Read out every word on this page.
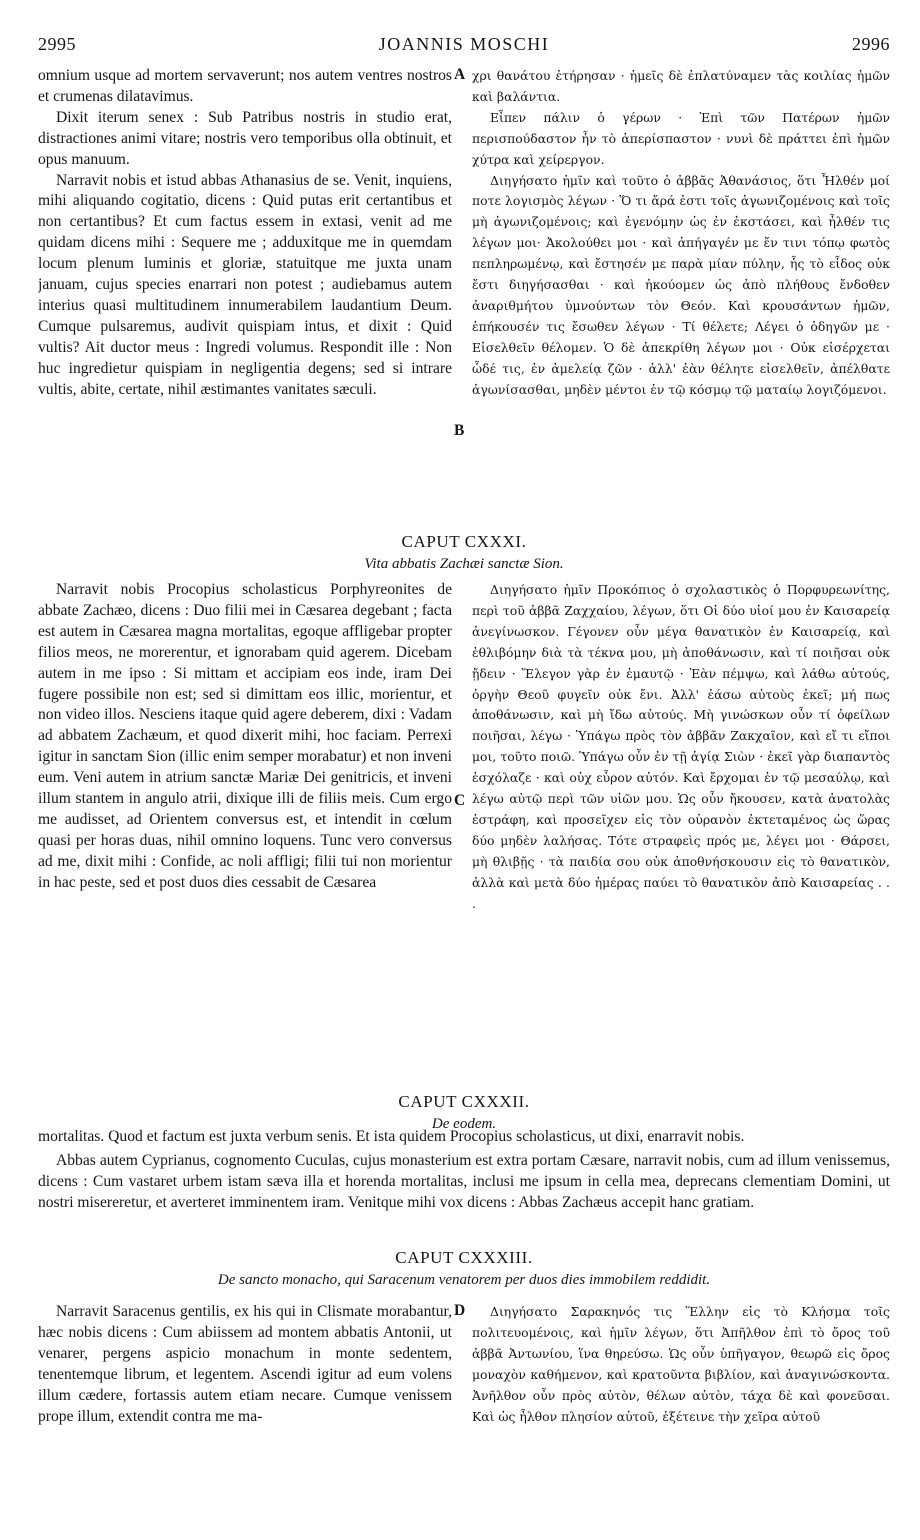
2995	JOANNIS MOSCHI	2996

omnium usque ad mortem servaverunt; nos autem ventres nostros et crumenas dilatavimus.

Dixit iterum senex : Sub Patribus nostris in studio erat, distractiones animi vitare; nostris vero temporibus olla obtinuit, et opus manuum.

Narravit nobis et istud abbas Athanasius de se. Venit, inquiens, mihi aliquando cogitatio, dicens : Quid putas erit certantibus et non certantibus? Et cum factus essem in extasi, venit ad me quidam dicens mihi : Sequere me ; adduxitque me in quemdam locum plenum luminis et gloriæ, statuitque me juxta unam januam, cujus species enarrari non potest ; audiebamus autem interius quasi multitudinem innumerabilem laudantium Deum. Cumque pulsaremus, audivit quispiam intus, et dixit : Quid vultis? Ait ductor meus : Ingredi volumus. Respondit ille : Non huc ingredietur quispiam in negligentia degens; sed si intrare vultis, abite, certate, nihil æstimantes vanitates sæculi.

χρι θανάτου ἐτήρησαν · ἡμεῖς δὲ ἐπλατύναμεν τὰς κοιλίας ἡμῶν καὶ βαλάντια.

Εἶπεν πάλιν ὁ γέρων · Ἐπὶ τῶν Πατέρων ἡμῶν περισπούδαστον ἦν τὸ ἀπερίσπαστον · νυνὶ δὲ πράττει ἐπὶ ἡμῶν χύτρα καὶ χείρεργον.

Διηγήσατο ἡμῖν καὶ τοῦτο ὁ ἀββᾶς Ἀθανάσιος, ὅτι Ἦλθέν μοί ποτε λογισμὸς λέγων · Ὅ τι ἄρά ἐστι τοῖς ἀγωνιζομένοις καὶ τοῖς μὴ ἀγωνιζομένοις; καὶ ἐγενόμην ὡς ἐν ἐκστάσει, καὶ ἦλθέν τις λέγων μοι· Ἀκολούθει μοι · καὶ ἀπήγαγέν με ἔν τινι τόπῳ φωτὸς πεπληρωμένῳ, καὶ ἔστησέν με παρὰ μίαν πύλην, ἧς τὸ εἶδος οὐκ ἔστι διηγήσασθαι · καὶ ἠκούομεν ὡς ἀπὸ πλήθους ἔνδοθεν ἀναριθμήτου ὑμνούντων τὸν Θεόν. Καὶ κρουσάντων ἡμῶν, ἐπήκουσέν τις ἔσωθεν λέγων · Τί θέλετε; Λέγει ὁ ὁδηγῶν με · Εἰσελθεῖν θέλομεν. Ὁ δὲ ἀπεκρίθη λέγων μοι · Οὐκ εἰσέρχεται ὧδέ τις, ἐν ἀμελείᾳ ζῶν · ἀλλ' ἐὰν θέλητε εἰσελθεῖν, ἀπέλθατε ἀγωνίσασθαι, μηδὲν μέντοι ἐν τῷ κόσμῳ τῷ ματαίῳ λογιζόμενοι.

A
B
CAPUT CXXXI.
Vita abbatis Zachæi sanctæ Sion.

Narravit nobis Procopius scholasticus Porphyreonites de abbate Zachæo, dicens : Duo filii mei in Cæsarea degebant ; facta est autem in Cæsarea magna mortalitas, egoque affligebar propter filios meos, ne morerentur, et ignorabam quid agerem. Dicebam autem in me ipso : Si mittam et accipiam eos inde, iram Dei fugere possibile non est; sed si dimittam eos illic, morientur, et non video illos. Nesciens itaque quid agere deberem, dixi : Vadam ad abbatem Zachæum, et quod dixerit mihi, hoc faciam. Perrexi igitur in sanctam Sion (illic enim semper morabatur) et non inveni eum. Veni autem in atrium sanctæ Mariæ Dei genitricis, et inveni illum stantem in angulo atrii, dixique illi de filiis meis. Cum ergo me audisset, ad Orientem conversus est, et intendit in cœlum quasi per horas duas, nihil omnino loquens. Tunc vero conversus ad me, dixit mihi : Confide, ac noli affligi; filii tui non morientur in hac peste, sed et post duos dies cessabit de Cæsarea

Διηγήσατο ἡμῖν Προκόπιος ὁ σχολαστικὸς ὁ Πορφυρεωνίτης, περὶ τοῦ ἀββᾶ Ζαχχαίου, λέγων, ὅτι Οἱ δύο υἱοί μου ἐν Καισαρείᾳ ἀνεγίνωσκον. Γέγονεν οὖν μέγα θανατικὸν ἐν Καισαρείᾳ, καὶ ἐθλιβόμην διὰ τὰ τέκνα μου, μὴ ἀποθάνωσιν, καὶ τί ποιῆσαι οὐκ ᾔδειν · Ἔλεγον γὰρ ἐν ἐμαυτῷ · Ἐὰν πέμψω, καὶ λάθω αὐτούς, ὀργὴν Θεοῦ φυγεῖν οὐκ ἔνι. Ἀλλ' ἐάσω αὐτοὺς ἐκεῖ; μή πως ἀποθάνωσιν, καὶ μὴ ἴδω αὐτούς. Μὴ γινώσκων οὖν τί ὀφείλων ποιῆσαι, λέγω · Ὑπάγω πρὸς τὸν ἀββᾶν Ζακχαῖον, καὶ εἴ τι εἴποι μοι, τοῦτο ποιῶ. Ὑπάγω οὖν ἐν τῇ ἁγίᾳ Σιὼν · ἐκεῖ γὰρ διαπαντὸς ἐσχόλαζε · καὶ οὐχ εὗρον αὐτόν. Καὶ ἔρχομαι ἐν τῷ μεσαύλῳ, καὶ λέγω αὐτῷ περὶ τῶν υἱῶν μου. Ὡς οὖν ἤκουσεν, κατὰ ἀνατολὰς ἐστράφη, καὶ προσεῖχεν εἰς τὸν οὐρανὸν ἐκτεταμένος ὡς ὥρας δύο μηδὲν λαλήσας. Τότε στραφεὶς πρός με, λέγει μοι · Θάρσει, μὴ θλιβῇς · τὰ παιδία σου οὐκ ἀποθνήσκουσιν εἰς τὸ θανατικὸν, ἀλλὰ καὶ μετὰ δύο ἡμέρας παύει τὸ θανατικὸν ἀπὸ Καισαρείας . . .

C

mortalitas. Quod et factum est juxta verbum senis. Et ista quidem Procopius scholasticus, ut dixi, enarravit nobis.

CAPUT CXXXII.
De eodem.

Abbas autem Cyprianus, cognomento Cuculas, cujus monasterium est extra portam Cæsare, narravit nobis, cum ad illum venissemus, dicens : Cum vastaret urbem istam sæva illa et horenda mortalitas, inclusi me ipsum in cella mea, deprecans clementiam Domini, ut nostri misereretur, et averteret imminentem iram. Venitque mihi vox dicens : Abbas Zachæus accepit hanc gratiam.

CAPUT CXXXIII.
De sancto monacho, qui Saracenum venatorem per duos dies immobilem reddidit.

Narravit Saracenus gentilis, ex his qui in Clismate morabantur, hæc nobis dicens : Cum abiissem ad montem abbatis Antonii, ut venarer, pergens aspicio monachum in monte sedentem, tenentemque librum, et legentem. Ascendi igitur ad eum volens illum cædere, fortassis autem etiam necare. Cumque venissem prope illum, extendit contra me ma-

Διηγήσατο Σαρακηνός τις Ἕλλην εἰς τὸ Κλήσμα τοῖς πολιτευομένοις, καὶ ἡμῖν λέγων, ὅτι Ἀπῆλθον ἐπὶ τὸ ὄρος τοῦ ἀββᾶ Ἀντωνίου, ἵνα θηρεύσω. Ὡς οὖν ὑπῆγαγον, θεωρῶ εἰς ὄρος μοναχὸν καθήμενον, καὶ κρατοῦντα βιβλίον, καὶ ἀναγινώσκοντα. Ἀνῆλθον οὖν πρὸς αὐτὸν, θέλων αὐτὸν, τάχα δὲ καὶ φονεῦσαι. Καὶ ὡς ἦλθον πλησίον αὐτοῦ, ἐξέτεινε τὴν χεῖρα αὐτοῦ

D
